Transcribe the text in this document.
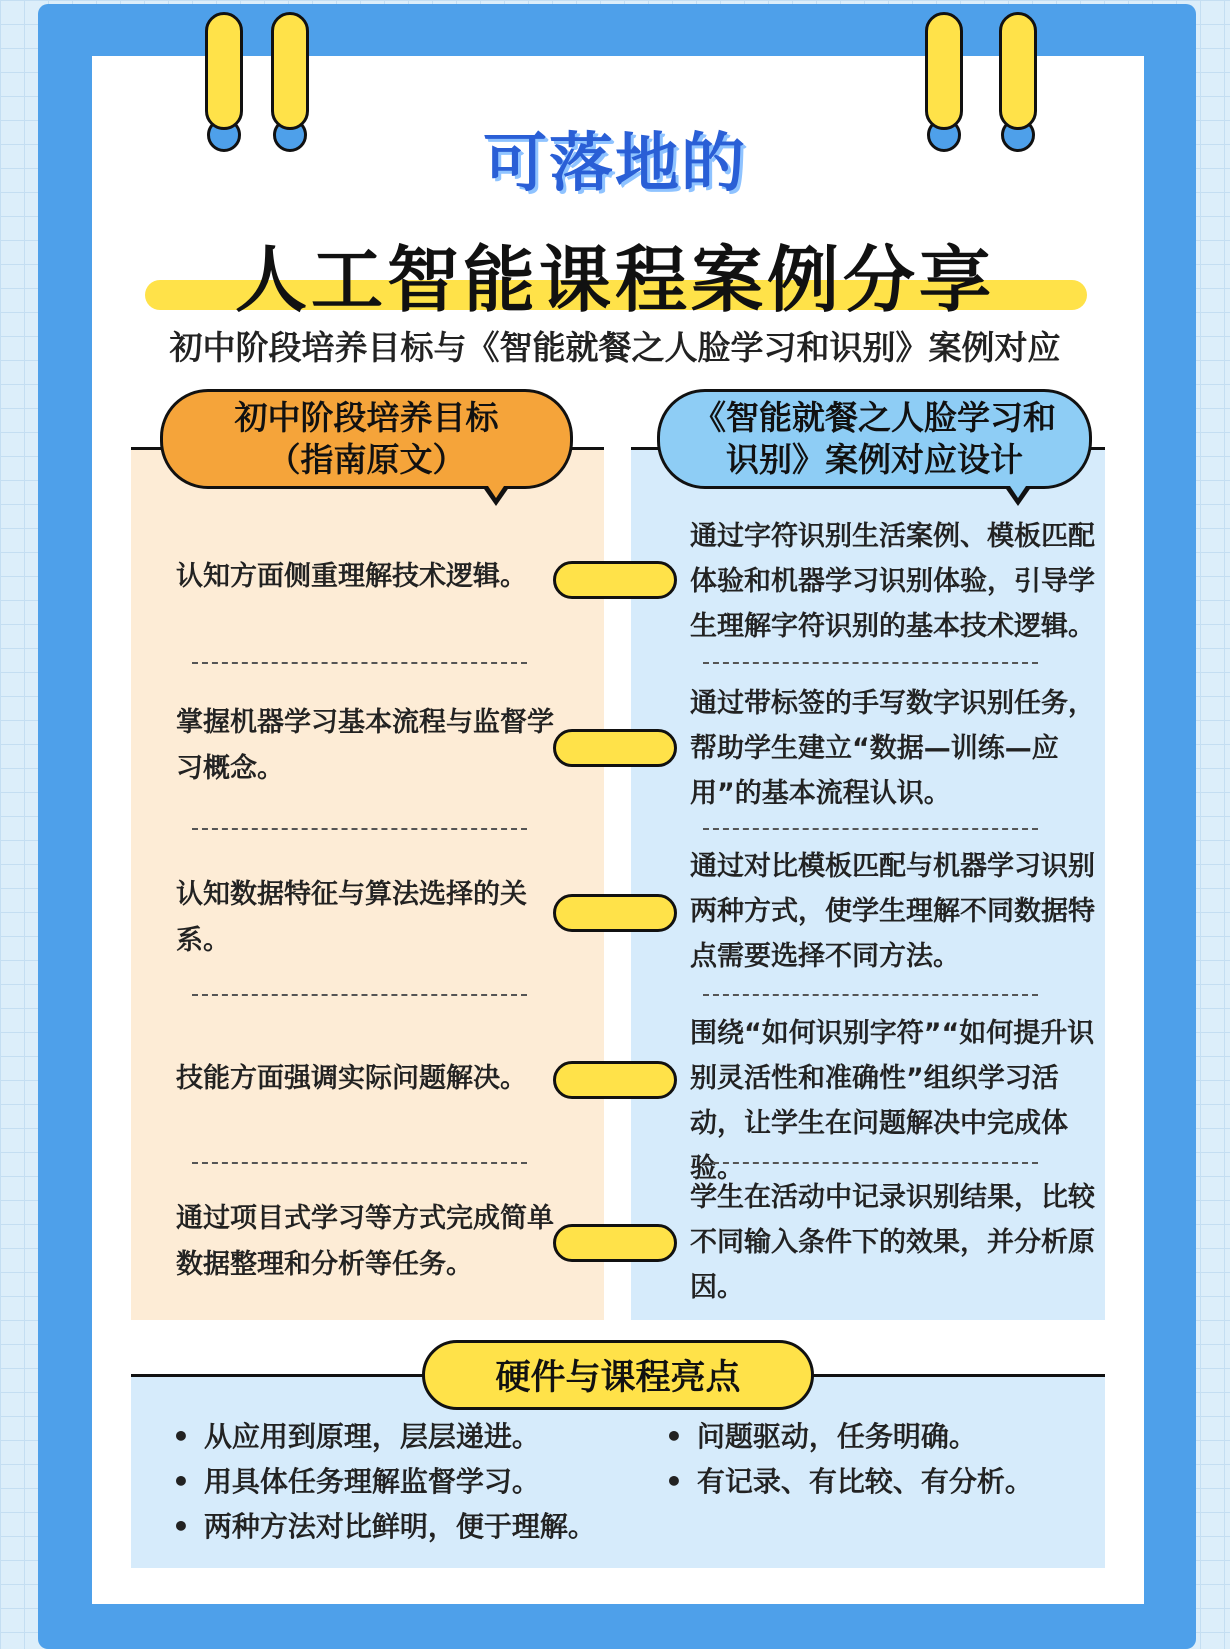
可落地的
人工智能课程案例分享
初中阶段培养目标与《智能就餐之人脸学习和识别》案例对应
初中阶段培养目标（指南原文）
《智能就餐之人脸学习和识别》案例对应设计
认知方面侧重理解技术逻辑。
通过字符识别生活案例、模板匹配体验和机器学习识别体验，引导学生理解字符识别的基本技术逻辑。
掌握机器学习基本流程与监督学习概念。
通过带标签的手写数字识别任务，帮助学生建立“数据—训练—应用”的基本流程认识。
认知数据特征与算法选择的关系。
通过对比模板匹配与机器学习识别两种方式，使学生理解不同数据特点需要选择不同方法。
技能方面强调实际问题解决。
围绕“如何识别字符”“如何提升识别灵活性和准确性”组织学习活动，让学生在问题解决中完成体验。
通过项目式学习等方式完成简单数据整理和分析等任务。
学生在活动中记录识别结果，比较不同输入条件下的效果，并分析原因。
硬件与课程亮点
• 从应用到原理，层层递进。
• 用具体任务理解监督学习。
• 两种方法对比鲜明，便于理解。
• 问题驱动，任务明确。
• 有记录、有比较、有分析。
